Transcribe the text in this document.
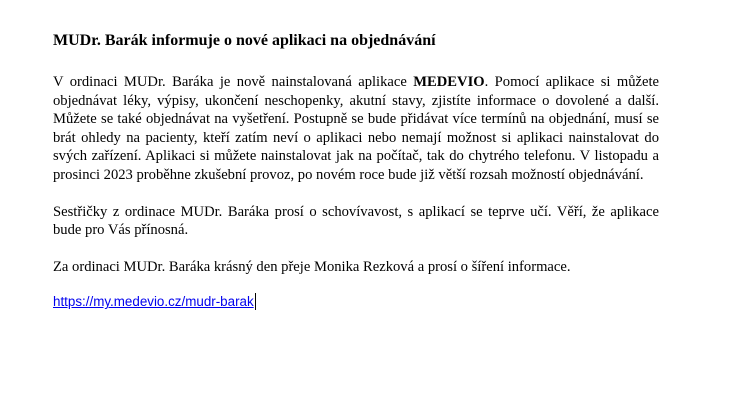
MUDr. Barák informuje o nové aplikaci na objednávání
V ordinaci MUDr. Baráka je nově nainstalovaná aplikace MEDEVIO. Pomocí aplikace si můžete objednávat léky, výpisy, ukončení neschopenky, akutní stavy, zjistíte informace o dovolené a další. Můžete se také objednávat na vyšetření. Postupně se bude přidávat více termínů na objednání, musí se brát ohledy na pacienty, kteří zatím neví o aplikaci nebo nemají možnost si aplikaci nainstalovat do svých zařízení. Aplikaci si můžete nainstalovat jak na počítač, tak do chytrého telefonu. V listopadu a prosinci 2023 proběhne zkušební provoz, po novém roce bude již větší rozsah možností objednávání.
Sestřičky z ordinace MUDr. Baráka prosí o schovívavost, s aplikací se teprve učí. Věří, že aplikace bude pro Vás přínosná.
Za ordinaci MUDr. Baráka krásný den přeje Monika Rezková a prosí o šíření informace.
https://my.medevio.cz/mudr-barak
